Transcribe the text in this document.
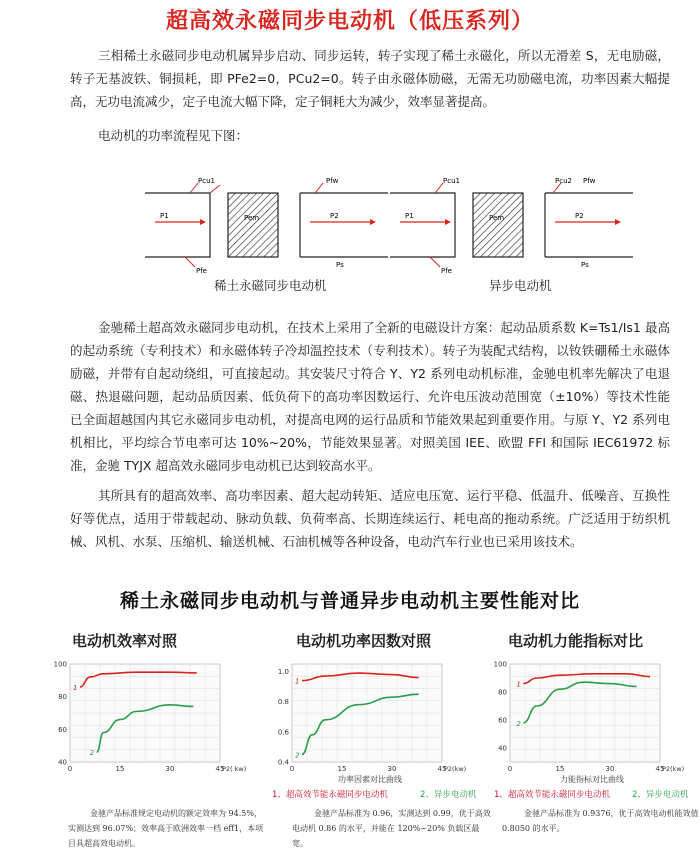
超高效永磁同步电动机（低压系列）

三相稀土永磁同步电动机属异步启动、同步运转，转子实现了稀土永磁化，所以无滑差 S，无电励磁，转子无基波铁、铜损耗，即 PFe2=0，PCu2=0。转子由永磁体励磁，无需无功励磁电流，功率因素大幅提高，无功电流减少，定子电流大幅下降，定子铜耗大为减少，效率显著提高。

电动机的功率流程见下图：
Pcu1	Pfw
P1	Pem	P2
Pfe
Ps
稀土永磁同步电动机
Pcu1	Pcu2 Pfw
P1	Pem	P2
Pfe
Ps
异步电动机

金驰稀土超高效永磁同步电动机，在技术上采用了全新的电磁设计方案：起动品质系数 K=Ts1/Is1 最高的起动系统（专利技术）和永磁体转子冷却温控技术（专利技术）。转子为装配式结构，以钕铁硼稀土永磁体励磁，并带有自起动绕组，可直接起动。其安装尺寸符合 Y、Y2 系列电动机标准，金驰电机率先解决了电退磁、热退磁问题，起动品质因素、低负荷下的高功率因数运行、允许电压波动范围宽（±10%）等技术性能已全面超越国内其它永磁同步电动机，对提高电网的运行品质和节能效果起到重要作用。与原 Y、Y2 系列电机相比，平均综合节电率可达 10%~20%，节能效果显著。对照美国 IEE、欧盟 FFI 和国际 IEC61972 标准，金驰 TYJX 超高效永磁同步电动机已达到较高水平。

其所具有的超高效率、高功率因素、超大起动转矩、适应电压宽、运行平稳、低温升、低噪音、互换性好等优点，适用于带载起动、脉动负载、负荷率高、长期连续运行、耗电高的拖动系统。广泛适用于纺织机械、风机、水泵、压缩机、输送机械、石油机械等各种设备，电动汽车行业也已采用该技术。

稀土永磁同步电动机与普通异步电动机主要性能对比
电动机效率对照	电动机功率因数对照	电动机力能指标对比
40
60
80
100
0	15	30	45
P2( kw)
1
2
0.4
0.6
0.8
1.0
0	15	30	45
P2(kw)
1
2
40
60
80
100
0	15	30	45
P2(kw)
1
2
功率因素对比曲线	力能指标对比曲线
1、超高效节能永磁同步电动机	2、异步电动机 1、超高效节能永磁同步电动机	2、异步电动机
金驰产品标准规定电动机的额定效率为 94.5%，实测达到 96.07%；效率高于欧洲效率一档 eff1，本项目具超高效电动机。
金驰产品标准为 0.96，实测达到 0.99，优于高效电动机 0.86 的水平，并能在 120%~20% 负载区最宽。
金驰产品标准为 0.9376，优于高效电动机能效值 0.8050 的水平。
